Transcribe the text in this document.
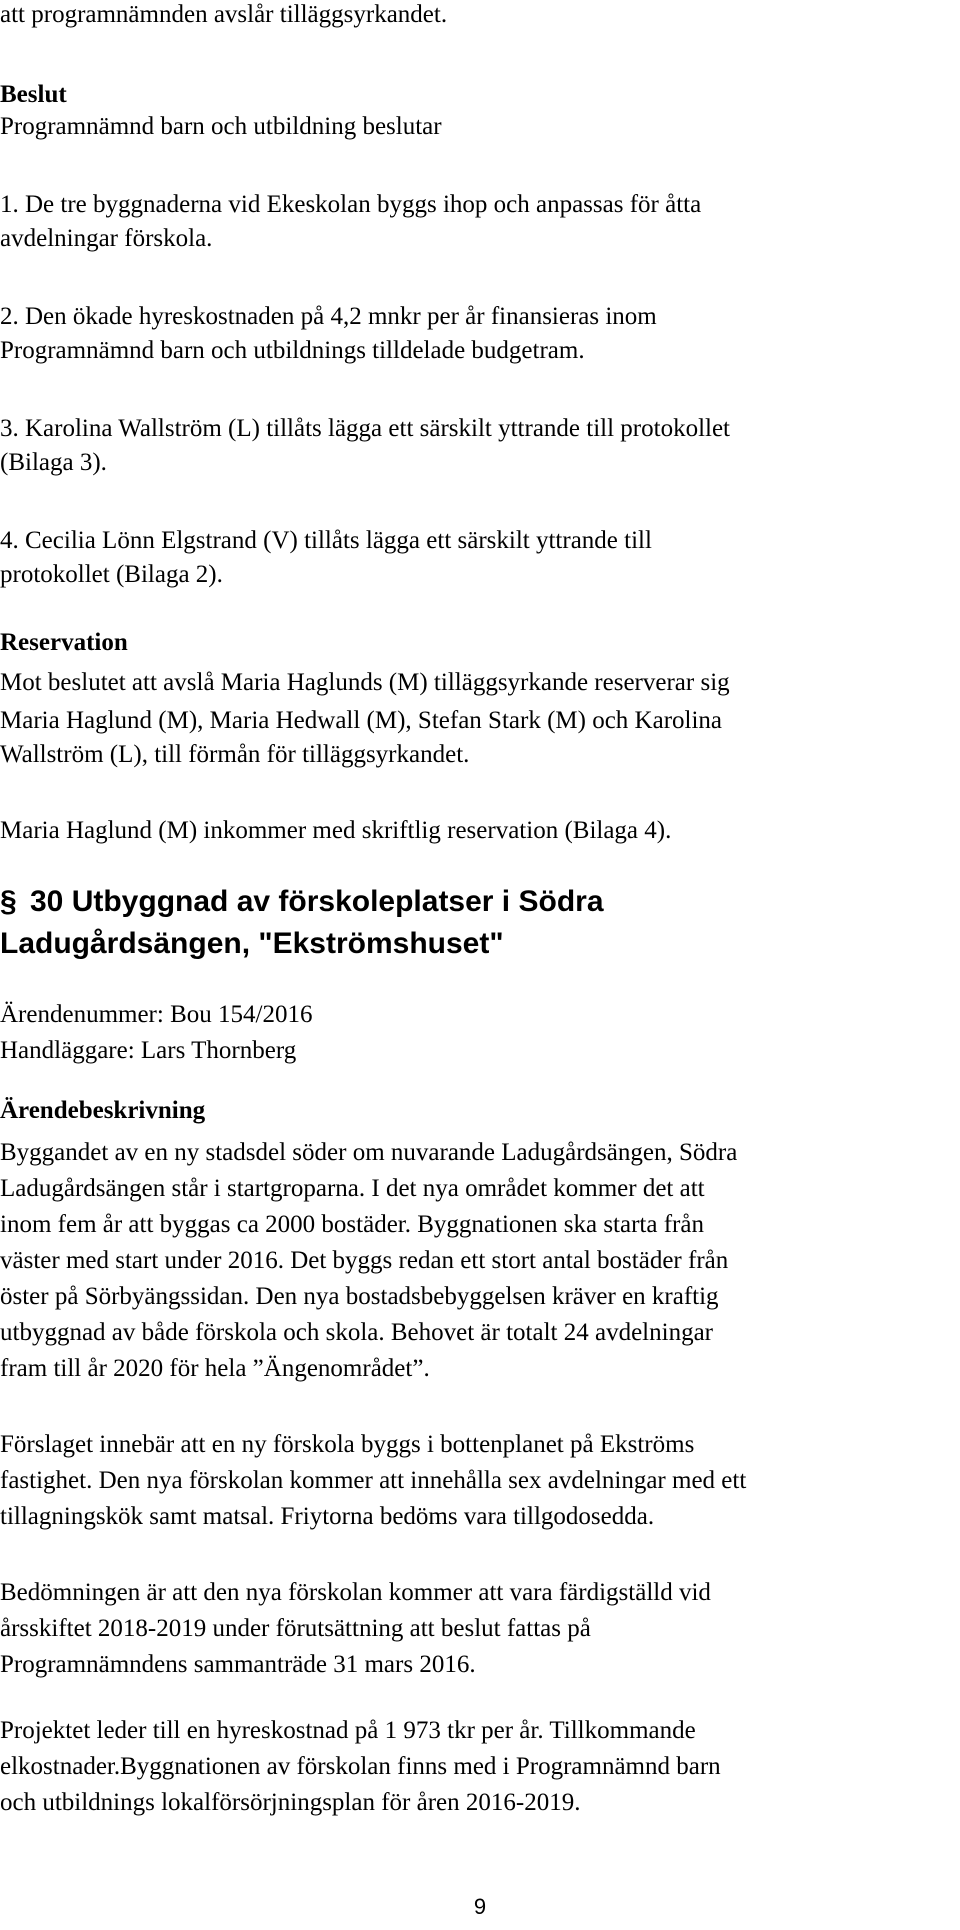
att programnämnden avslår tilläggsyrkandet.

Beslut

Programnämnd barn och utbildning beslutar

1. De tre byggnaderna vid Ekeskolan byggs ihop och anpassas för åtta

avdelningar förskola.

2. Den ökade hyreskostnaden på 4,2 mnkr per år finansieras inom

Programnämnd barn och utbildnings tilldelade budgetram.

3. Karolina Wallström (L) tillåts lägga ett särskilt yttrande till protokollet

(Bilaga 3).

4. Cecilia Lönn Elgstrand (V) tillåts lägga ett särskilt yttrande till

protokollet (Bilaga 2).

Reservation

Mot beslutet att avslå Maria Haglunds (M) tilläggsyrkande reserverar sig

Maria Haglund (M), Maria Hedwall (M), Stefan Stark (M) och Karolina

Wallström (L), till förmån för tilläggsyrkandet.

Maria Haglund (M) inkommer med skriftlig reservation (Bilaga 4).

§ 30 Utbyggnad av förskoleplatser i Södra

Ladugårdsängen, "Ekströmshuset"

Ärendenummer: Bou 154/2016

Handläggare: Lars Thornberg

Ärendebeskrivning

Byggandet av en ny stadsdel söder om nuvarande Ladugårdsängen, Södra

Ladugårdsängen står i startgroparna. I det nya området kommer det att

inom fem år att byggas ca 2000 bostäder. Byggnationen ska starta från

väster med start under 2016. Det byggs redan ett stort antal bostäder från

öster på Sörbyängssidan. Den nya bostadsbebyggelsen kräver en kraftig

utbyggnad av både förskola och skola. Behovet är totalt 24 avdelningar

fram till år 2020 för hela ”Ängenområdet”.

Förslaget innebär att en ny förskola byggs i bottenplanet på Ekströms

fastighet. Den nya förskolan kommer att innehålla sex avdelningar med ett

tillagningskök samt matsal. Friytorna bedöms vara tillgodosedda.

Bedömningen är att den nya förskolan kommer att vara färdigställd vid

årsskiftet 2018-2019 under förutsättning att beslut fattas på

Programnämndens sammanträde 31 mars 2016.

Projektet leder till en hyreskostnad på 1 973 tkr per år. Tillkommande

elkostnader.Byggnationen av förskolan finns med i Programnämnd barn

och utbildnings lokalförsörjningsplan för åren 2016-2019.

9
